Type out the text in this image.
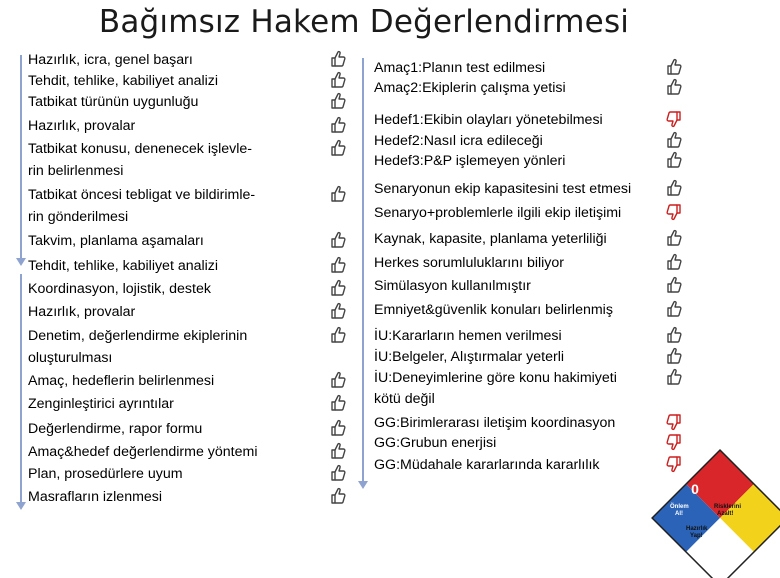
Bağımsız Hakem Değerlendirmesi
Hazırlık, icra, genel başarı
Tehdit, tehlike, kabiliyet analizi
Tatbikat türünün uygunluğu
Hazırlık, provalar
Tatbikat konusu, denenecek işlevle-
rin belirlenmesi
Tatbikat öncesi tebligat ve bildirimle-
rin gönderilmesi
Takvim, planlama aşamaları
Tehdit, tehlike, kabiliyet analizi
Koordinasyon, lojistik, destek
Hazırlık, provalar
Denetim, değerlendirme ekiplerinin
oluşturulması
Amaç, hedeflerin belirlenmesi
Zenginleştirici ayrıntılar
Değerlendirme, rapor formu
Amaç&hedef değerlendirme yöntemi
Plan, prosedürlere uyum
Masrafların izlenmesi
Amaç1:Planın test edilmesi
Amaç2:Ekiplerin çalışma yetisi
Hedef1:Ekibin olayları yönetebilmesi
Hedef2:Nasıl icra edileceği
Hedef3:P&P işlemeyen yönleri
Senaryonun ekip kapasitesini test etmesi
Senaryo+problemlerle ilgili ekip iletişimi
Kaynak, kapasite, planlama yeterliliği
Herkes sorumluluklarını biliyor
Simülasyon kullanılmıştır
Emniyet&güvenlik konuları belirlenmiş
İU:Kararların hemen verilmesi
İU:Belgeler, Alıştırmalar yeterli
İU:Deneyimlerine göre konu hakimiyeti
kötü değil
GG:Birimlerarası iletişim koordinasyon
GG:Grubun enerjisi
GG:Müdahale kararlarında kararlılık
0
Önlem Al!
Risklerini Azalt!
Hazırlık Yap!
